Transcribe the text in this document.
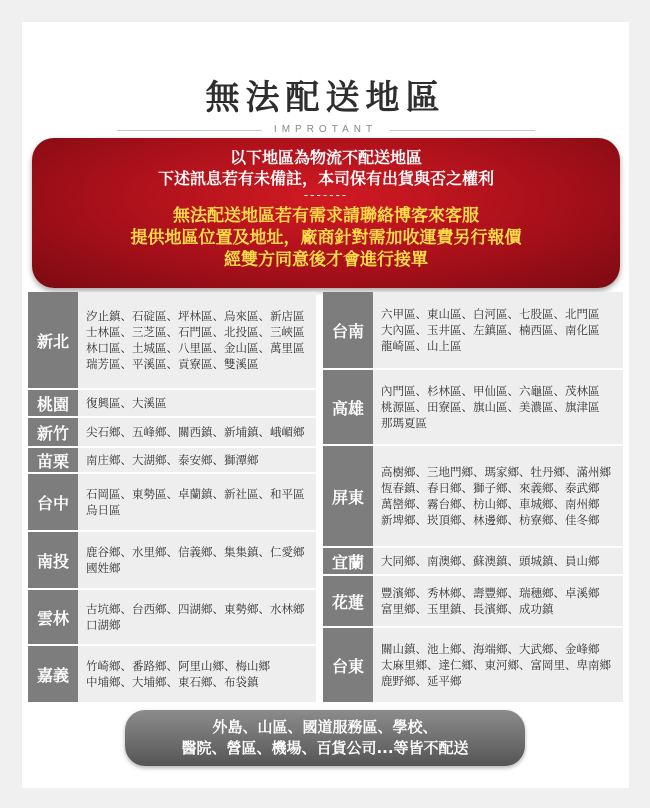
無法配送地區
IMPROTANT
以下地區為物流不配送地區
下述訊息若有未備註，本司保有出貨與否之權利
-------
無法配送地區若有需求請聯絡博客來客服
提供地區位置及地址，廠商針對需加收運費另行報價
經雙方同意後才會進行接單
新北
汐止鎮、石碇區、坪林區、烏來區、新店區
士林區、三芝區、石門區、北投區、三峽區
林口區、土城區、八里區、金山區、萬里區
瑞芳區、平溪區、貢寮區、雙溪區
桃園	復興區、大溪區
新竹	尖石鄉、五峰鄉、關西鎮、新埔鎮、峨嵋鄉
苗栗	南庄鄉、大湖鄉、泰安鄉、獅潭鄉
台中	石岡區、東勢區、卓蘭鎮、新社區、和平區
烏日區
南投	鹿谷鄉、水里鄉、信義鄉、集集鎮、仁愛鄉
國姓鄉
雲林	古坑鄉、台西鄉、四湖鄉、東勢鄉、水林鄉
口湖鄉
嘉義	竹崎鄉、番路鄉、阿里山鄉、梅山鄉
中埔鄉、大埔鄉、東石鄉、布袋鎮
台南
六甲區、東山區、白河區、七股區、北門區
大內區、玉井區、左鎮區、楠西區、南化區
龍崎區、山上區
高雄
內門區、杉林區、甲仙區、六龜區、茂林區
桃源區、田寮區、旗山區、美濃區、旗津區
那瑪夏區
屏東
高樹鄉、三地門鄉、瑪家鄉、牡丹鄉、滿州鄉
恆春鎮、春日鄉、獅子鄉、來義鄉、泰武鄉
萬巒鄉、霧台鄉、枋山鄉、車城鄉、南州鄉
新埤鄉、崁頂鄉、林邊鄉、枋寮鄉、佳冬鄉
宜蘭	大同鄉、南澳鄉、蘇澳鎮、頭城鎮、員山鄉
花蓮	豐濱鄉、秀林鄉、壽豐鄉、瑞穗鄉、卓溪鄉
富里鄉、玉里鎮、長濱鄉、成功鎮
台東
關山鎮、池上鄉、海端鄉、大武鄉、金峰鄉
太麻里鄉、達仁鄉、東河鄉、富岡里、卑南鄉
鹿野鄉、延平鄉
外島、山區、國道服務區、學校、
醫院、營區、機場、百貨公司...等皆不配送
